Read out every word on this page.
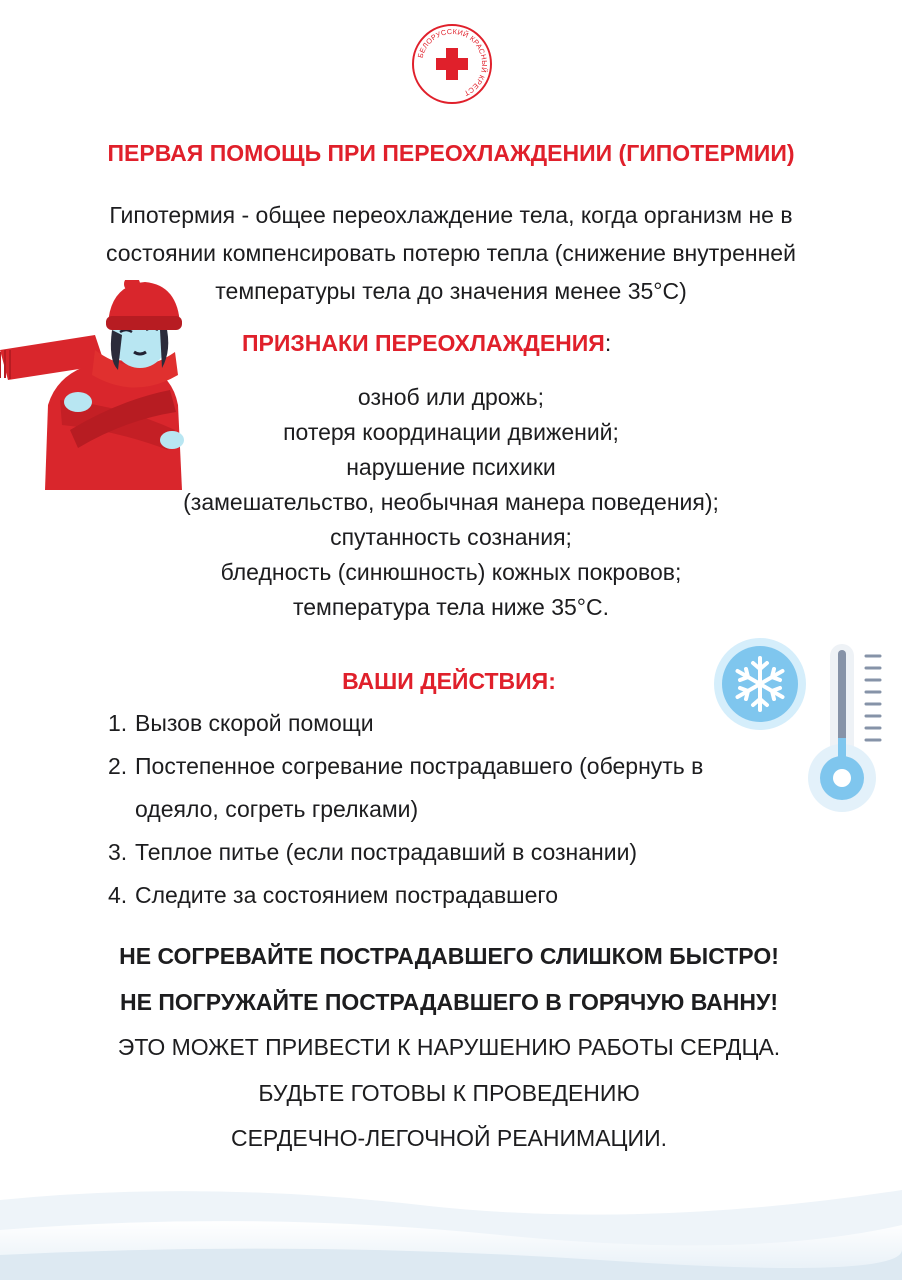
БЕЛОРУССКИЙ КРАСНЫЙ КРЕСТ
ПЕРВАЯ ПОМОЩЬ ПРИ ПЕРЕОХЛАЖДЕНИИ (ГИПОТЕРМИИ)
Гипотермия - общее переохлаждение тела, когда организм не в
состоянии компенсировать потерю тепла (снижение внутренней
температуры тела до значения менее 35°С)
ПРИЗНАКИ ПЕРЕОХЛАЖДЕНИЯ:
озноб или дрожь;
потеря координации движений;
нарушение психики
(замешательство, необычная манера поведения);
спутанность сознания;
бледность (синюшность) кожных покровов;
температура тела ниже 35°С.
ВАШИ ДЕЙСТВИЯ:
1. Вызов скорой помощи
2. Постепенное согревание пострадавшего (обернуть в
одеяло, согреть грелками)
3. Теплое питье (если пострадавший в сознании)
4. Следите за состоянием пострадавшего
НЕ СОГРЕВАЙТЕ ПОСТРАДАВШЕГО СЛИШКОМ БЫСТРО!
НЕ ПОГРУЖАЙТЕ ПОСТРАДАВШЕГО В ГОРЯЧУЮ ВАННУ!
ЭТО МОЖЕТ ПРИВЕСТИ К НАРУШЕНИЮ РАБОТЫ СЕРДЦА.
БУДЬТЕ ГОТОВЫ К ПРОВЕДЕНИЮ
СЕРДЕЧНО-ЛЕГОЧНОЙ РЕАНИМАЦИИ.
